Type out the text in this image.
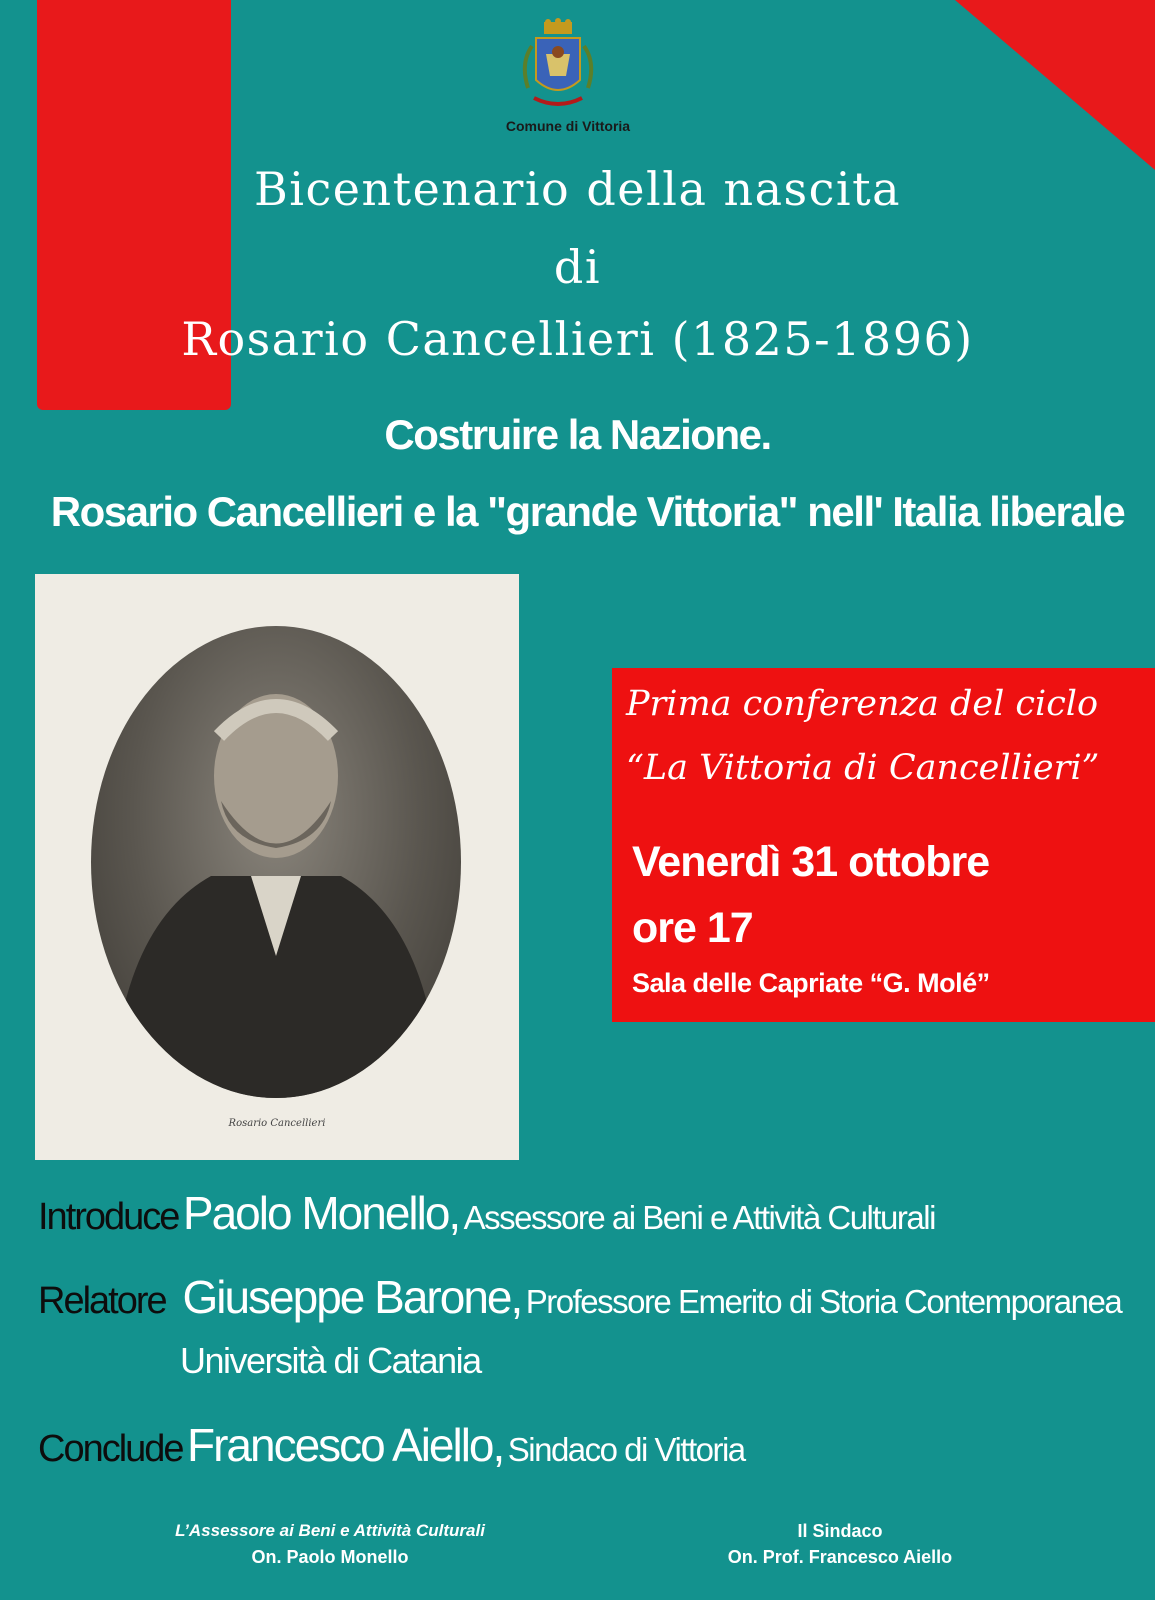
Comune di Vittoria
Bicentenario della nascita
di
Rosario Cancellieri (1825-1896)
Costruire la Nazione.
Rosario Cancellieri e la "grande Vittoria" nell' Italia liberale
Rosario Cancellieri
Prima conferenza del ciclo
“La Vittoria di Cancellieri”
Venerdì 31 ottobre
ore 17
Sala delle Capriate “G. Molé”
Introduce Paolo Monello, Assessore ai Beni e Attività Culturali
Relatore Giuseppe Barone, Professore Emerito di Storia Contemporanea
Università di Catania
Conclude Francesco Aiello, Sindaco di Vittoria
L’Assessore ai Beni e Attività Culturali
On. Paolo Monello
Il Sindaco
On. Prof. Francesco Aiello
